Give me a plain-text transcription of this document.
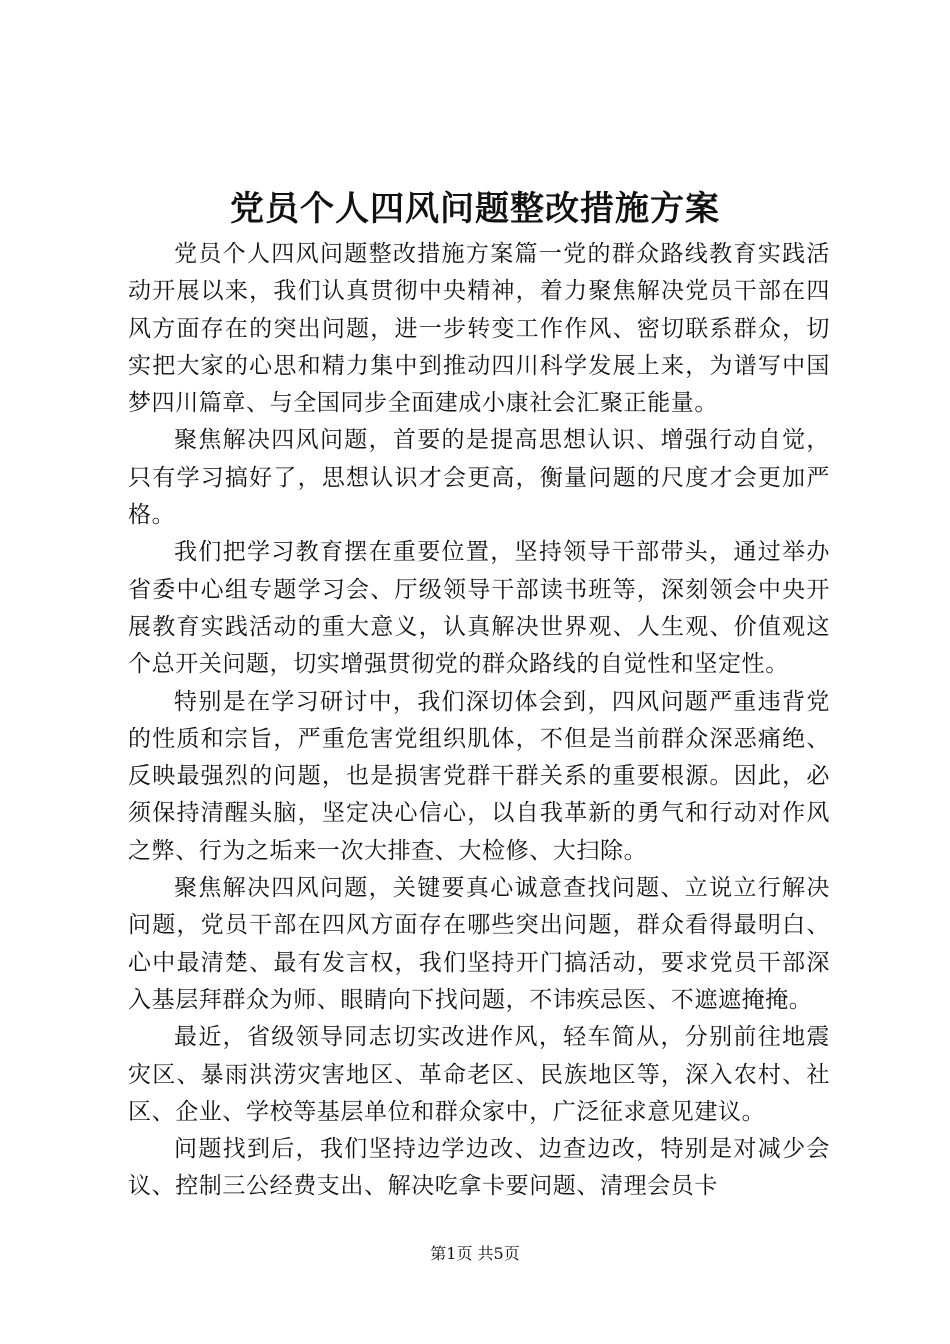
党员个人四风问题整改措施方案

党员个人四风问题整改措施方案篇一党的群众路线教育实践活动开展以来，我们认真贯彻中央精神，着力聚焦解决党员干部在四风方面存在的突出问题，进一步转变工作作风、密切联系群众，切实把大家的心思和精力集中到推动四川科学发展上来，为谱写中国梦四川篇章、与全国同步全面建成小康社会汇聚正能量。

聚焦解决四风问题，首要的是提高思想认识、增强行动自觉，只有学习搞好了，思想认识才会更高，衡量问题的尺度才会更加严格。

我们把学习教育摆在重要位置，坚持领导干部带头，通过举办省委中心组专题学习会、厅级领导干部读书班等，深刻领会中央开展教育实践活动的重大意义，认真解决世界观、人生观、价值观这个总开关问题，切实增强贯彻党的群众路线的自觉性和坚定性。

特别是在学习研讨中，我们深切体会到，四风问题严重违背党的性质和宗旨，严重危害党组织肌体，不但是当前群众深恶痛绝、反映最强烈的问题，也是损害党群干群关系的重要根源。因此，必须保持清醒头脑，坚定决心信心，以自我革新的勇气和行动对作风之弊、行为之垢来一次大排查、大检修、大扫除。

聚焦解决四风问题，关键要真心诚意查找问题、立说立行解决问题，党员干部在四风方面存在哪些突出问题，群众看得最明白、心中最清楚、最有发言权，我们坚持开门搞活动，要求党员干部深入基层拜群众为师、眼睛向下找问题，不讳疾忌医、不遮遮掩掩。

最近，省级领导同志切实改进作风，轻车简从，分别前往地震灾区、暴雨洪涝灾害地区、革命老区、民族地区等，深入农村、社区、企业、学校等基层单位和群众家中，广泛征求意见建议。

问题找到后，我们坚持边学边改、边查边改，特别是对减少会议、控制三公经费支出、解决吃拿卡要问题、清理会员卡

第1页 共5页
